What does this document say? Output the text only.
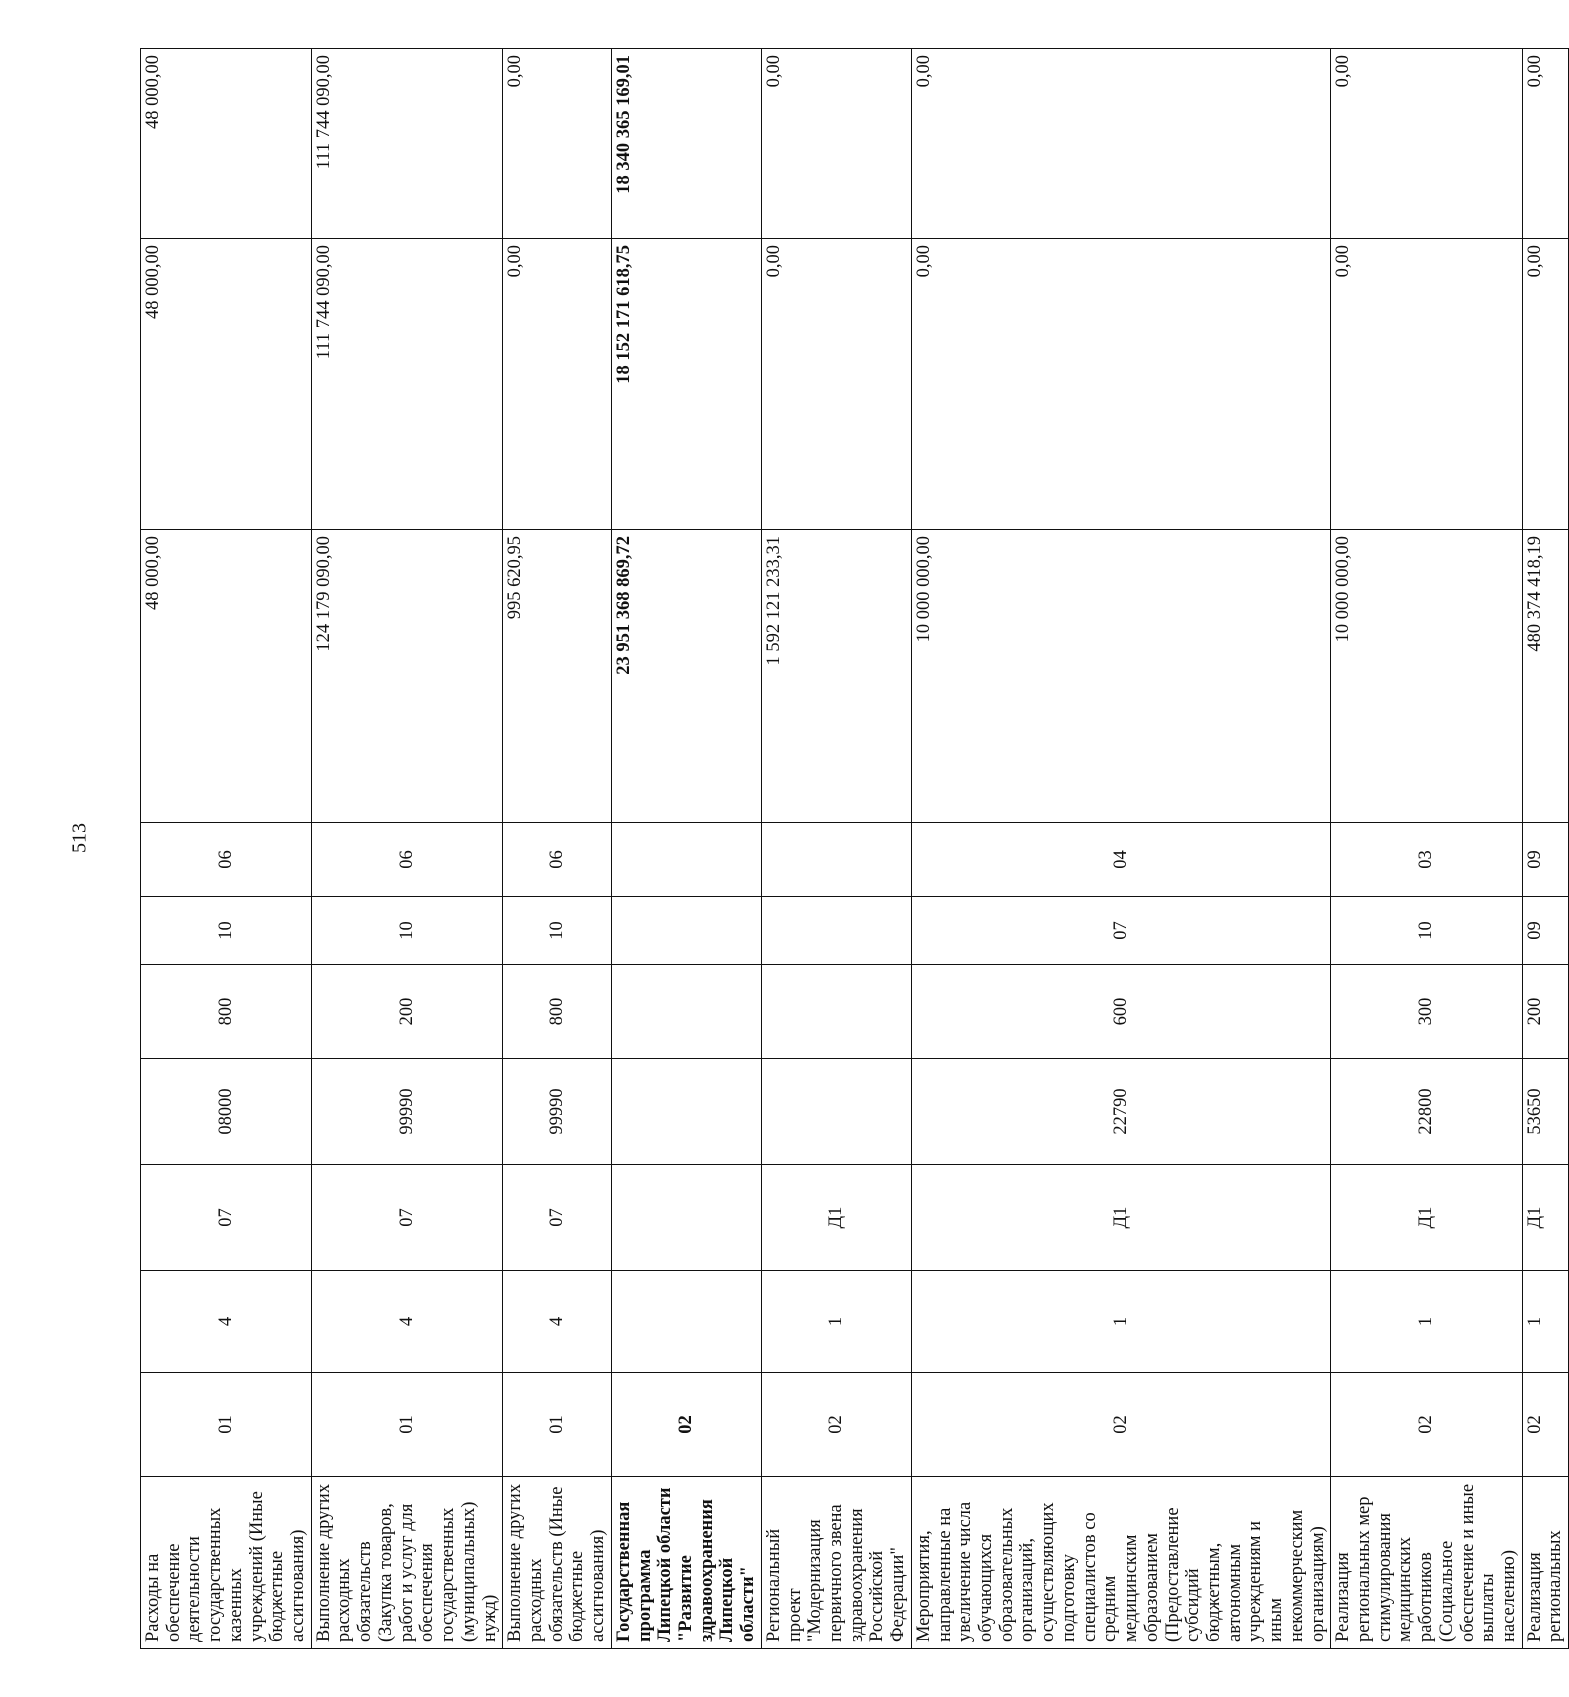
513
Расходы на обеспечение деятельности государственных казенных учреждений (Иные бюджетные ассигнования)	01	4	07	08000	800	10	06	48 000,00	48 000,00	48 000,00
Выполнение других расходных обязательств (Закупка товаров, работ и услуг для обеспечения государственных (муниципальных) нужд)	01	4	07	99990	200	10	06	124 179 090,00	111 744 090,00	111 744 090,00
Выполнение других расходных обязательств (Иные бюджетные ассигнования)	01	4	07	99990	800	10	06	995 620,95	0,00	0,00
Государственная программа Липецкой области "Развитие здравоохранения Липецкой области"	02							23 951 368 869,72	18 152 171 618,75	18 340 365 169,01
Региональный проект "Модернизация первичного звена здравоохранения Российской Федерации"	02	1	Д1					1 592 121 233,31	0,00	0,00
Мероприятия, направленные на увеличение числа обучающихся образовательных организаций, осуществляющих подготовку специалистов со средним медицинским образованием (Предоставление субсидий бюджетным, автономным учреждениям и иным некоммерческим организациям)	02	1	Д1	22790	600	07	04	10 000 000,00	0,00	0,00
Реализация региональных мер стимулирования медицинских работников (Социальное обеспечение и иные выплаты населению)	02	1	Д1	22800	300	10	03	10 000 000,00	0,00	0,00
Реализация региональных	02	1	Д1	53650	200	09	09	480 374 418,19	0,00	0,00
